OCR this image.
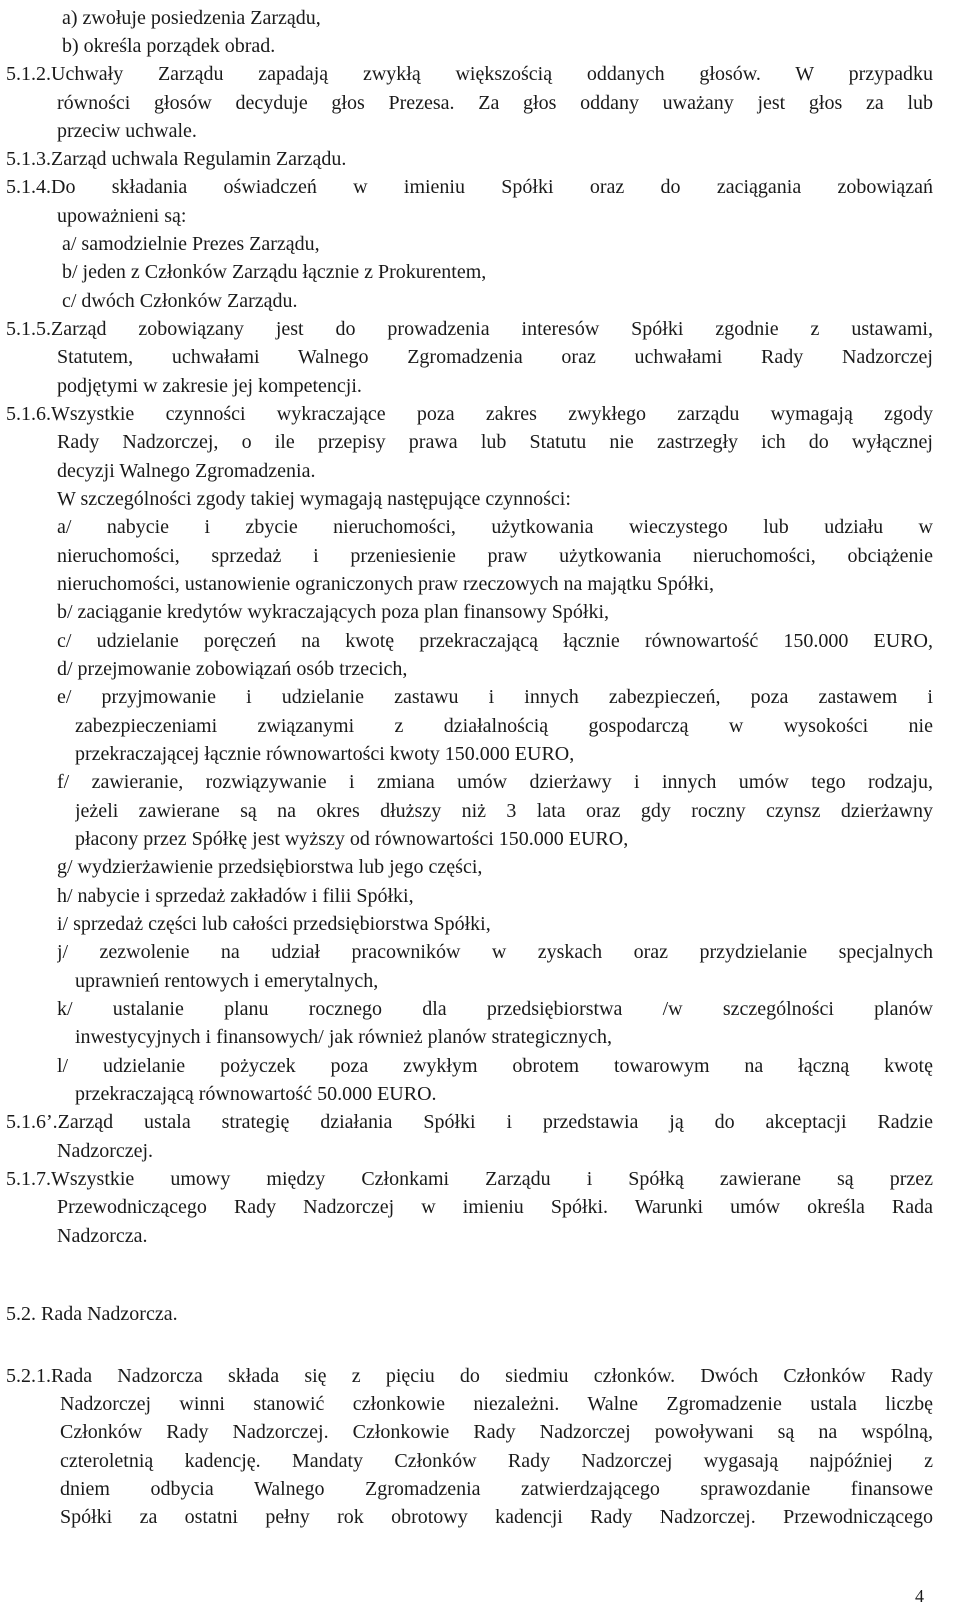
a) zwołuje posiedzenia Zarządu,
b) określa porządek obrad.
5.1.2.Uchwały Zarządu zapadają zwykłą większością oddanych głosów. W przypadku
równości głosów decyduje głos Prezesa. Za głos oddany uważany jest głos za lub
przeciw uchwale.
5.1.3.Zarząd uchwala Regulamin Zarządu.
5.1.4.Do składania oświadczeń w imieniu Spółki oraz do zaciągania zobowiązań
upoważnieni są:
a/ samodzielnie Prezes Zarządu,
b/ jeden z Członków Zarządu łącznie z Prokurentem,
c/ dwóch Członków Zarządu.
5.1.5.Zarząd zobowiązany jest do prowadzenia interesów Spółki zgodnie z ustawami,
Statutem, uchwałami Walnego Zgromadzenia oraz uchwałami Rady Nadzorczej
podjętymi w zakresie jej kompetencji.
5.1.6.Wszystkie czynności wykraczające poza zakres zwykłego zarządu wymagają zgody
Rady Nadzorczej, o ile przepisy prawa lub Statutu nie zastrzegły ich do wyłącznej
decyzji Walnego Zgromadzenia.
W szczególności zgody takiej wymagają następujące czynności:
a/ nabycie i zbycie nieruchomości, użytkowania wieczystego lub udziału w
nieruchomości, sprzedaż i przeniesienie praw użytkowania nieruchomości, obciążenie
nieruchomości, ustanowienie ograniczonych praw rzeczowych na majątku Spółki,
b/ zaciąganie kredytów wykraczających poza plan finansowy Spółki,
c/ udzielanie poręczeń na kwotę przekraczającą łącznie równowartość 150.000 EURO,
d/ przejmowanie zobowiązań osób trzecich,
e/ przyjmowanie i udzielanie zastawu i innych zabezpieczeń, poza zastawem i
zabezpieczeniami związanymi z działalnością gospodarczą w wysokości nie
przekraczającej łącznie równowartości kwoty 150.000 EURO,
f/ zawieranie, rozwiązywanie i zmiana umów dzierżawy i innych umów tego rodzaju,
jeżeli zawierane są na okres dłuższy niż 3 lata oraz gdy roczny czynsz dzierżawny
płacony przez Spółkę jest wyższy od równowartości 150.000 EURO,
g/ wydzierżawienie przedsiębiorstwa lub jego części,
h/ nabycie i sprzedaż zakładów i filii Spółki,
i/ sprzedaż części lub całości przedsiębiorstwa Spółki,
j/ zezwolenie na udział pracowników w zyskach oraz przydzielanie specjalnych
uprawnień rentowych i emerytalnych,
k/ ustalanie planu rocznego dla przedsiębiorstwa /w szczególności planów
inwestycyjnych i finansowych/ jak również planów strategicznych,
l/ udzielanie pożyczek poza zwykłym obrotem towarowym na łączną kwotę
przekraczającą równowartość 50.000 EURO.
5.1.6’.Zarząd ustala strategię działania Spółki i przedstawia ją do akceptacji Radzie
Nadzorczej.
5.1.7.Wszystkie umowy między Członkami Zarządu i Spółką zawierane są przez
Przewodniczącego Rady Nadzorczej w imieniu Spółki. Warunki umów określa Rada
Nadzorcza.
5.2. Rada Nadzorcza.
5.2.1.Rada Nadzorcza składa się z pięciu do siedmiu członków. Dwóch Członków Rady
Nadzorczej winni stanowić członkowie niezależni. Walne Zgromadzenie ustala liczbę
Członków Rady Nadzorczej. Członkowie Rady Nadzorczej powoływani są na wspólną,
czteroletnią kadencję. Mandaty Członków Rady Nadzorczej wygasają najpóźniej z
dniem odbycia Walnego Zgromadzenia zatwierdzającego sprawozdanie finansowe
Spółki za ostatni pełny rok obrotowy kadencji Rady Nadzorczej. Przewodniczącego
4
